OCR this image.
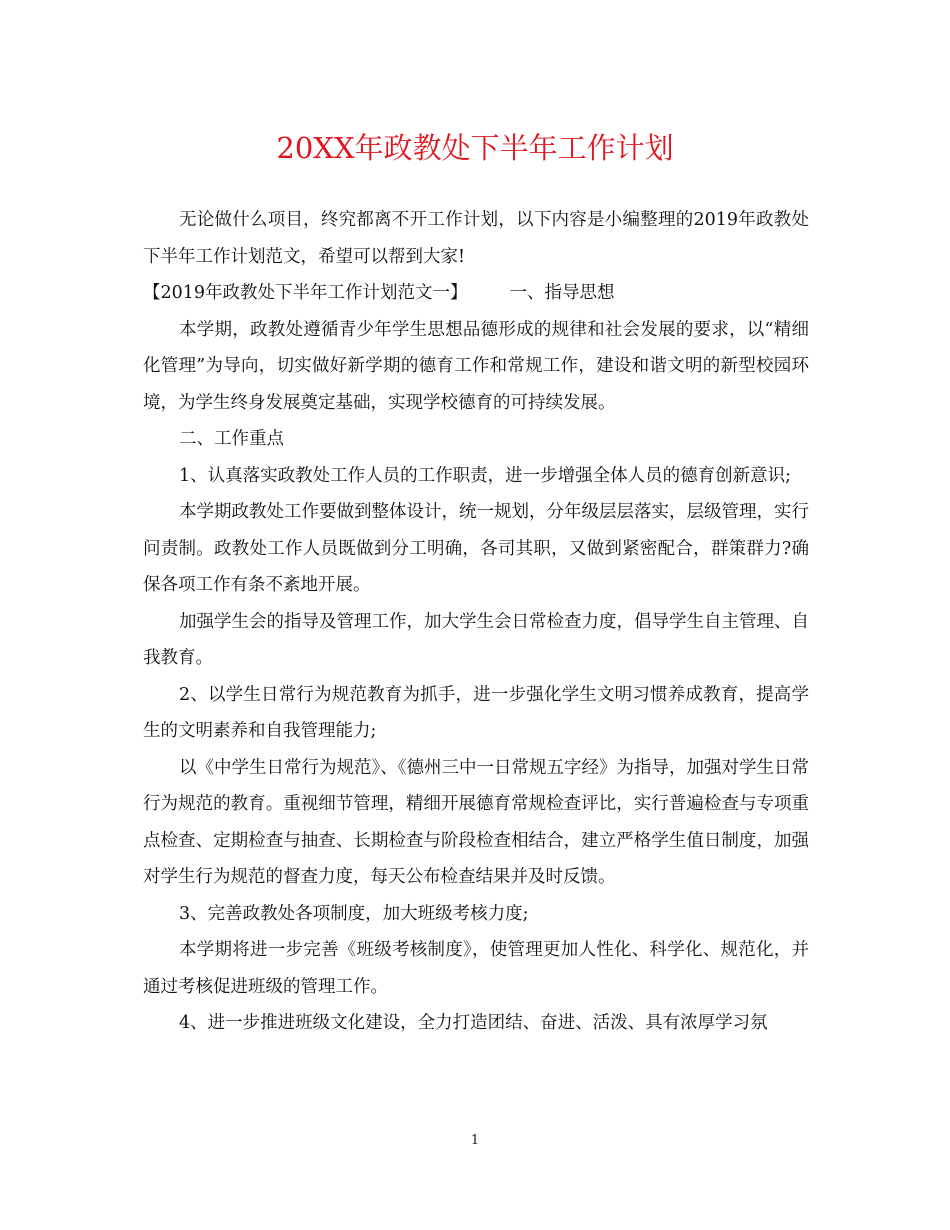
20XX年政教处下半年工作计划

无论做什么项目，终究都离不开工作计划，以下内容是小编整理的2019年政教处下半年工作计划范文，希望可以帮到大家!

【2019年政教处下半年工作计划范文一】 一、指导思想

本学期，政教处遵循青少年学生思想品德形成的规律和社会发展的要求，以“精细化管理”为导向，切实做好新学期的德育工作和常规工作，建设和谐文明的新型校园环境，为学生终身发展奠定基础，实现学校德育的可持续发展。

二、工作重点

1、认真落实政教处工作人员的工作职责，进一步增强全体人员的德育创新意识;

本学期政教处工作要做到整体设计，统一规划，分年级层层落实，层级管理，实行问责制。政教处工作人员既做到分工明确，各司其职，又做到紧密配合，群策群力?确保各项工作有条不紊地开展。

加强学生会的指导及管理工作，加大学生会日常检查力度，倡导学生自主管理、自我教育。

2、以学生日常行为规范教育为抓手，进一步强化学生文明习惯养成教育，提高学生的文明素养和自我管理能力;

以《中学生日常行为规范》、《德州三中一日常规五字经》为指导，加强对学生日常行为规范的教育。重视细节管理，精细开展德育常规检查评比，实行普遍检查与专项重点检查、定期检查与抽查、长期检查与阶段检查相结合，建立严格学生值日制度，加强对学生行为规范的督查力度，每天公布检查结果并及时反馈。

3、完善政教处各项制度，加大班级考核力度;

本学期将进一步完善《班级考核制度》，使管理更加人性化、科学化、规范化，并通过考核促进班级的管理工作。

4、进一步推进班级文化建设，全力打造团结、奋进、活泼、具有浓厚学习氛

1
